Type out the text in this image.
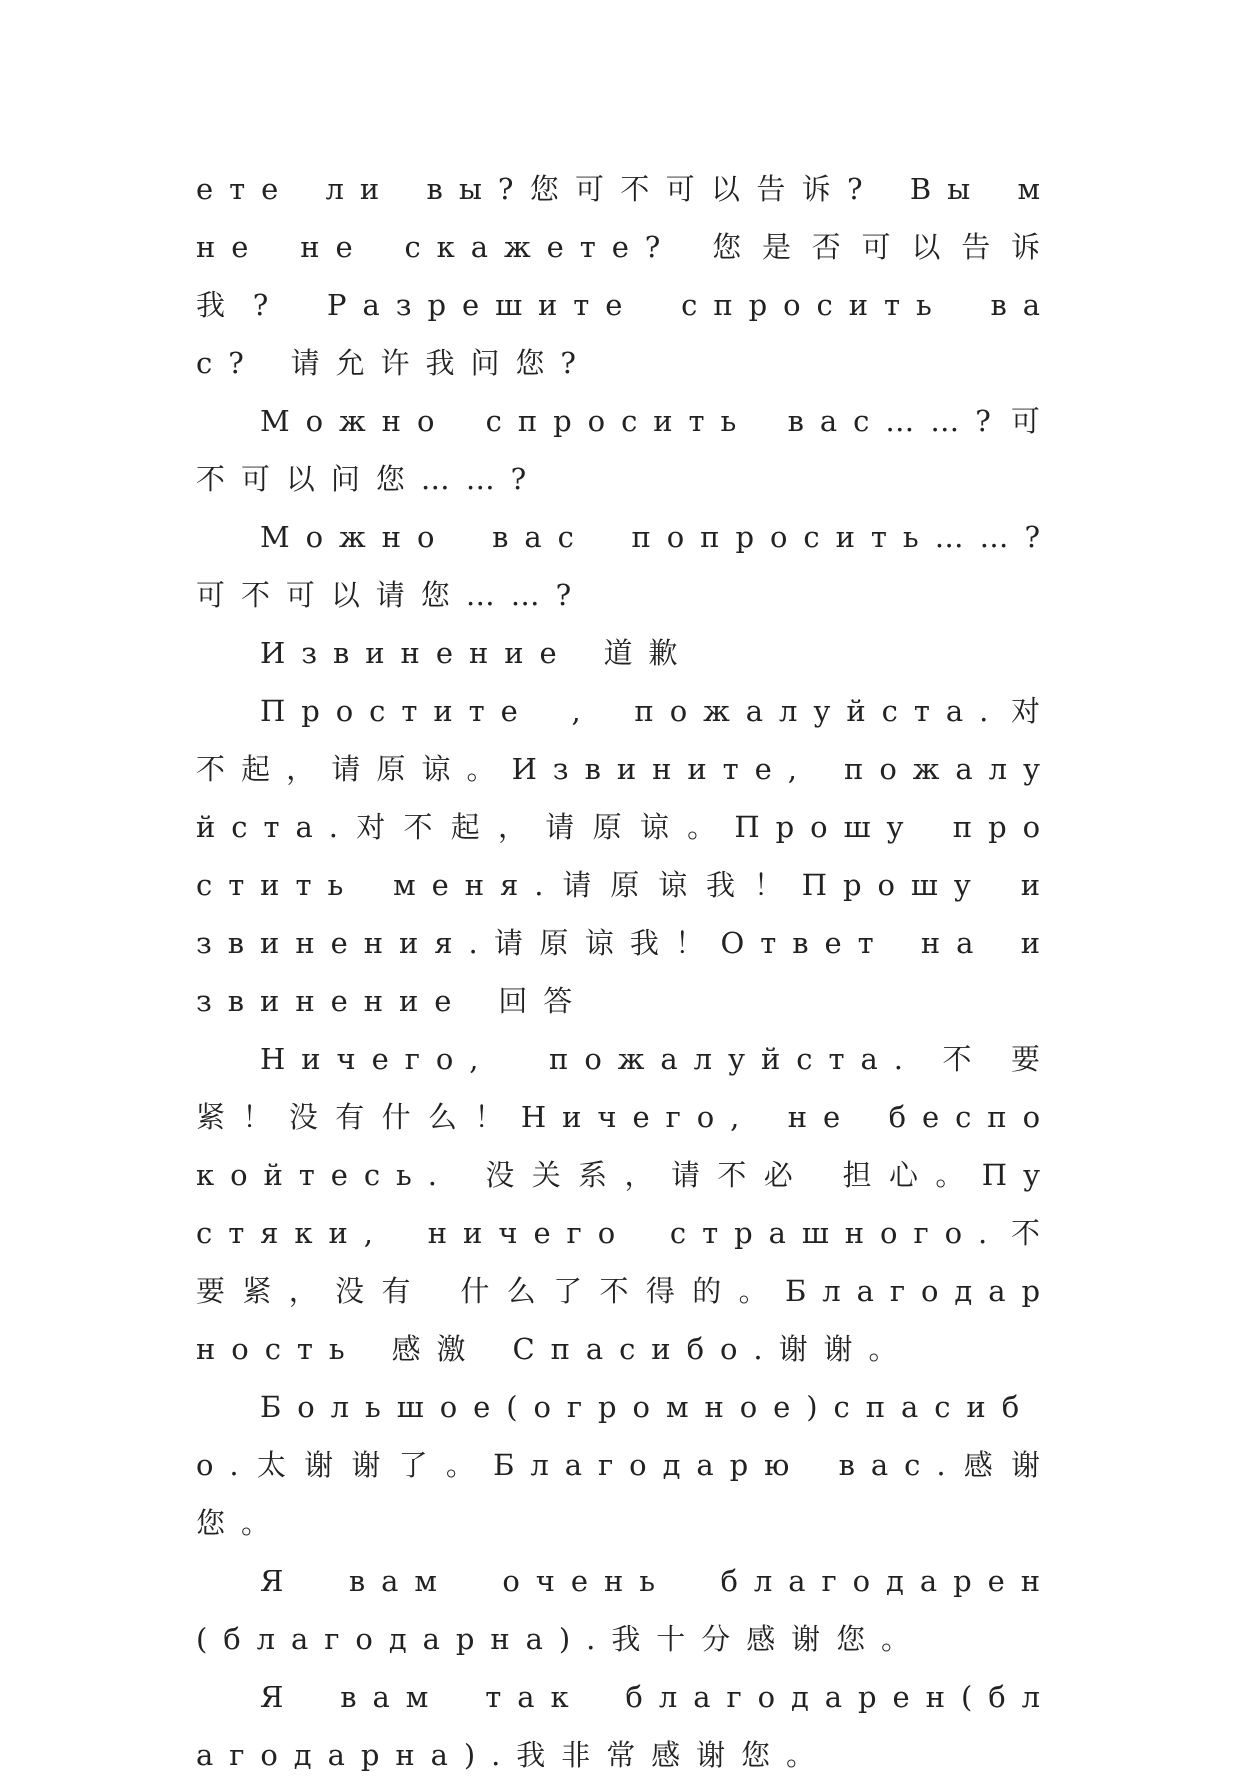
ете ли вы?您可不可以告诉? Вы мне не скажете? 您是否可以告诉我? Разрешите спросить вас? 请允许我问您?

Можно спросить вас……?可不可以问您……?

Можно вас попросить……?可不可以请您……?

Извинение 道歉

Простите , пожалуйста.对不起，请原谅。Извините, пожалуйста.对不起，请原谅。Прошу простить меня.请原谅我！Прошу извинения.请原谅我！Ответ на извинение 回答

Ничего, пожалуйста.不要紧！没有什么！Ничего, не беспокойтесь. 没关系，请不必 担心。Пустяки, ничего страшного.不要紧，没有 什么了不得的。Благодарность 感激 Спасибо.谢谢。

Большое(огромное)спасибо.太谢谢了。Благодарю вас.感谢您。

Я вам очень благодарен(благодарна).我十分感谢您。

Я вам так благодарен(благодарна).我非常感谢您。
